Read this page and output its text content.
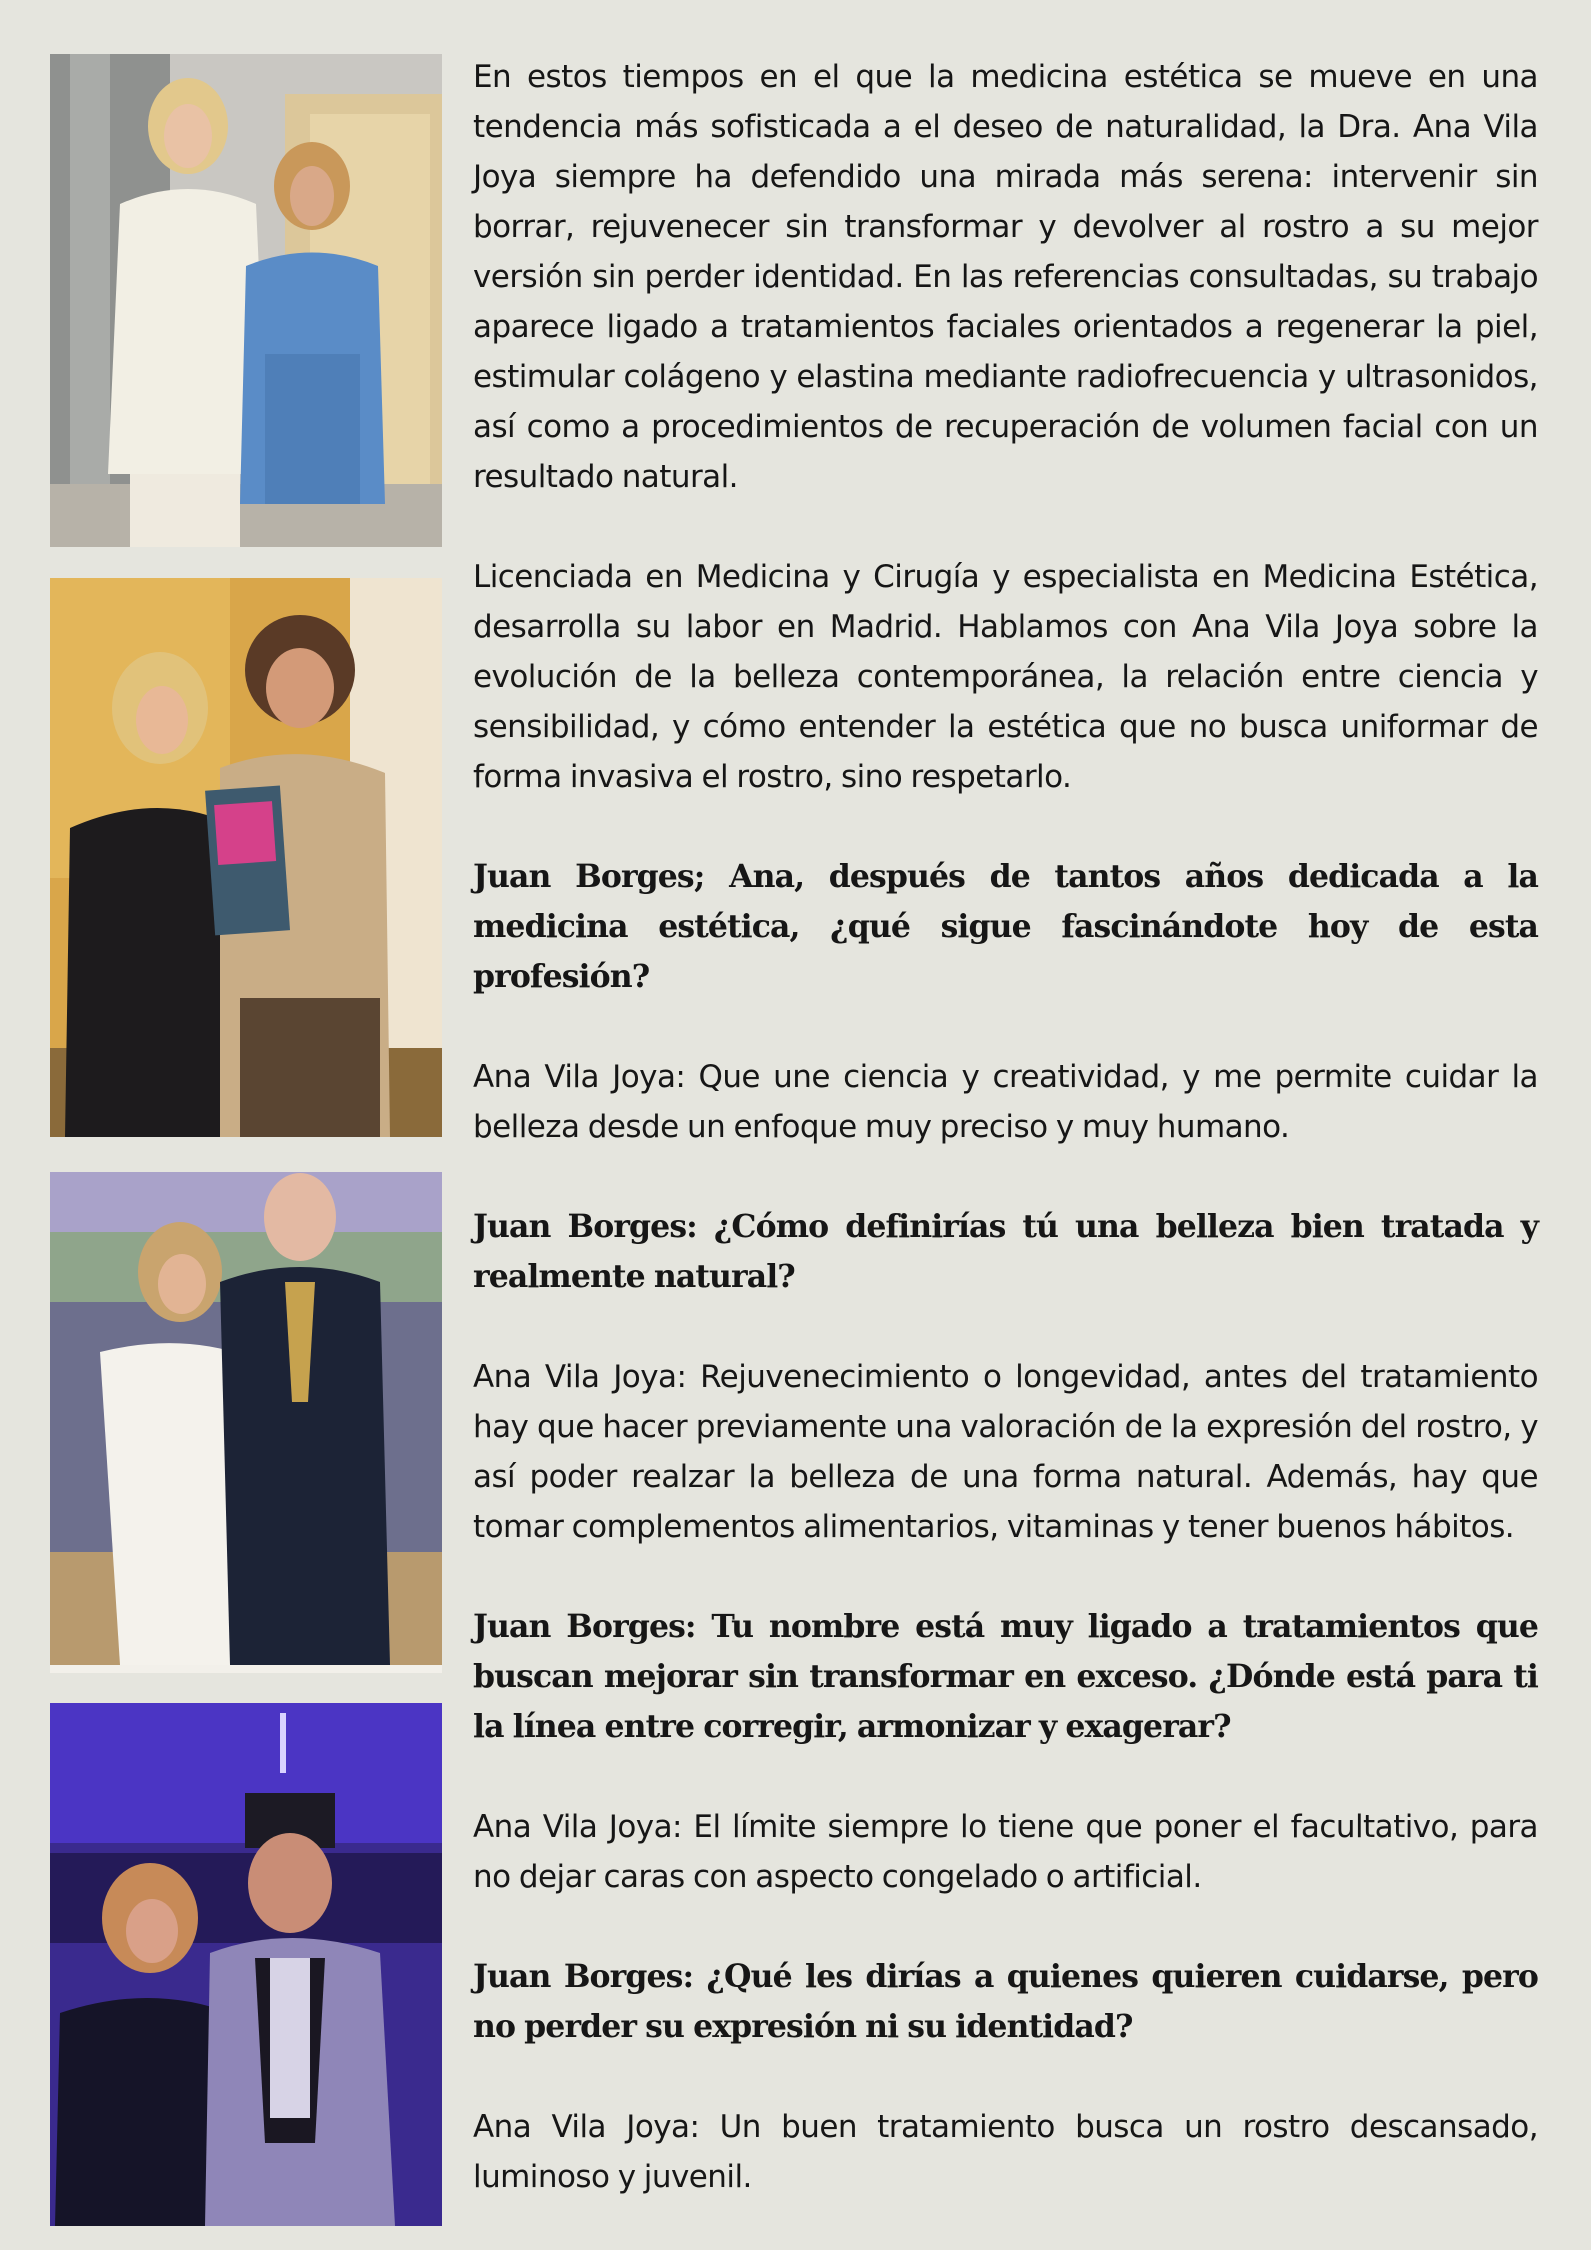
En estos tiempos en el que la medicina estética se mueve en una tendencia más sofisticada a el deseo de naturalidad, la Dra. Ana Vila Joya siempre ha defendido una mirada más serena: intervenir sin borrar, rejuvenecer sin transformar y devolver al rostro a su mejor versión sin perder identidad. En las referencias consultadas, su trabajo aparece ligado a tratamientos faciales orientados a regenerar la piel, estimular colágeno y elastina mediante radiofrecuencia y ultrasonidos, así como a procedimientos de recuperación de volumen facial con un resultado natural.

Licenciada en Medicina y Cirugía y especialista en Medicina Estética, desarrolla su labor en Madrid. Hablamos con Ana Vila Joya sobre la evolución de la belleza contemporánea, la relación entre ciencia y sensibilidad, y cómo entender la estética que no busca uniformar de forma invasiva el rostro, sino respetarlo.

Juan Borges; Ana, después de tantos años dedicada a la medicina estética, ¿qué sigue fascinándote hoy de esta profesión?

Ana Vila Joya: Que une ciencia y creatividad, y me permite cuidar la belleza desde un enfoque muy preciso y muy humano.

Juan Borges: ¿Cómo definirías tú una belleza bien tratada y realmente natural?

Ana Vila Joya: Rejuvenecimiento o longevidad, antes del tratamiento hay que hacer previamente una valoración de la expresión del rostro, y así poder realzar la belleza de una forma natural. Además, hay que tomar complementos alimentarios, vitaminas y tener buenos hábitos.

Juan Borges: Tu nombre está muy ligado a tratamientos que buscan mejorar sin transformar en exceso. ¿Dónde está para ti la línea entre corregir, armonizar y exagerar?

Ana Vila Joya: El límite siempre lo tiene que poner el facultativo, para no dejar caras con aspecto congelado o artificial.

Juan Borges: ¿Qué les dirías a quienes quieren cuidarse, pero no perder su expresión ni su identidad?

Ana Vila Joya: Un buen tratamiento busca un rostro descansado, luminoso y juvenil.
